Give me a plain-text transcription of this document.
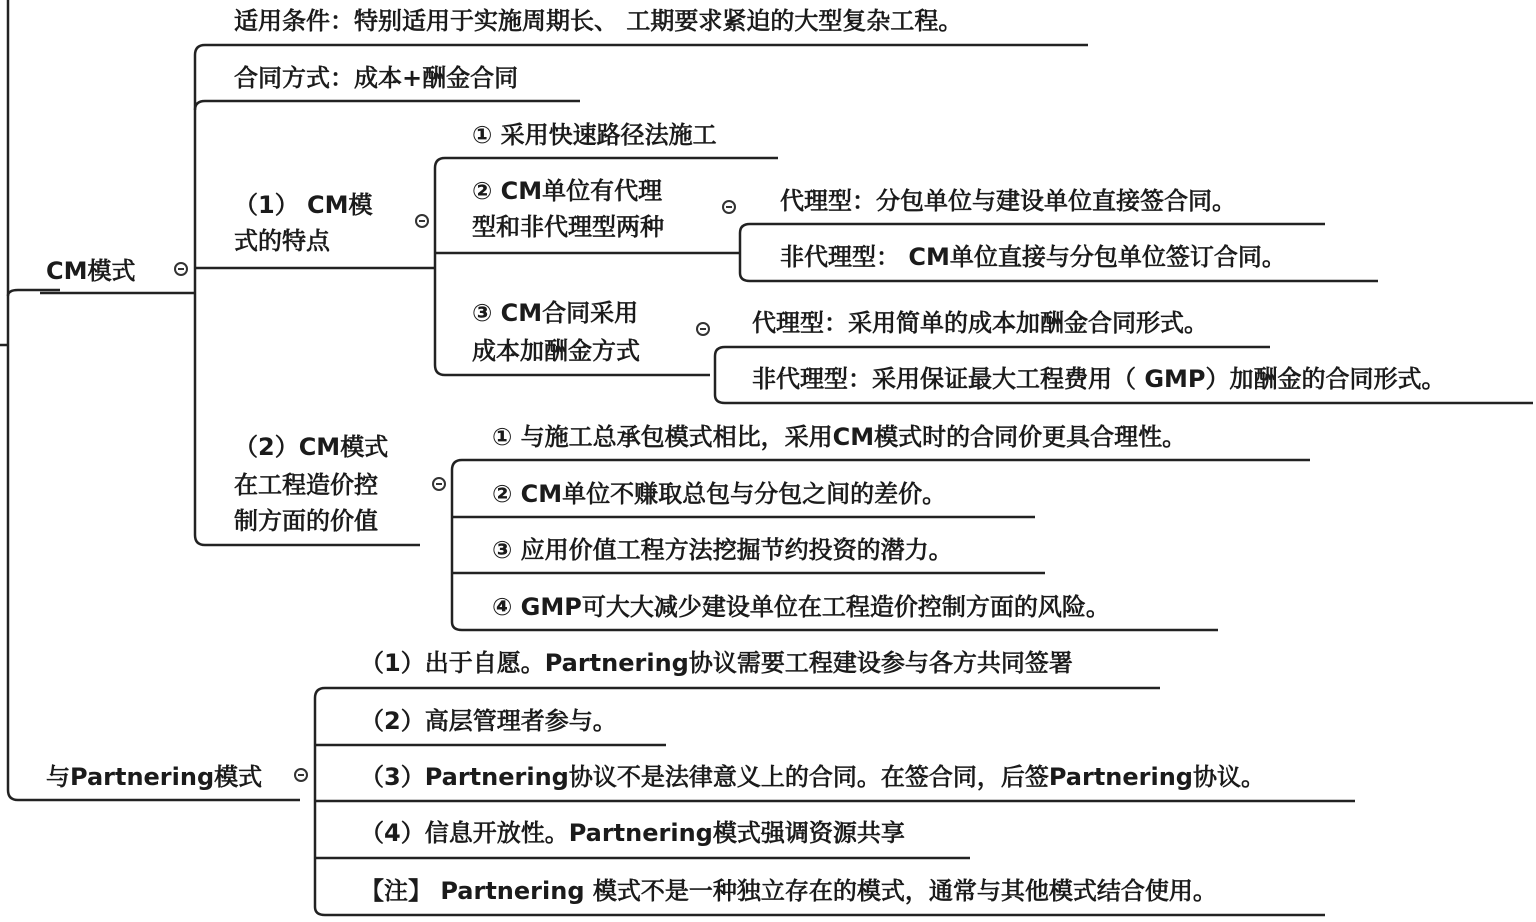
CM模式
适用条件：特别适用于实施周期长、 工期要求紧迫的大型复杂工程。
合同方式：成本+酬金合同
（1） CM模
式的特点
① 采用快速路径法施工
② CM单位有代理
型和非代理型两种
代理型：分包单位与建设单位直接签合同。
非代理型： CM单位直接与分包单位签订合同。
③ CM合同采用
成本加酬金方式
代理型：采用简单的成本加酬金合同形式。
非代理型：采用保证最大工程费用（ GMP）加酬金的合同形式。
（2）CM模式
在工程造价控
制方面的价值
① 与施工总承包模式相比，采用CM模式时的合同价更具合理性。
② CM单位不赚取总包与分包之间的差价。
③ 应用价值工程方法挖掘节约投资的潜力。
④ GMP可大大减少建设单位在工程造价控制方面的风险。
与Partnering模式
（1）出于自愿。Partnering协议需要工程建设参与各方共同签署
（2）高层管理者参与。
（3）Partnering协议不是法律意义上的合同。在签合同，后签Partnering协议。
（4）信息开放性。Partnering模式强调资源共享
【注】 Partnering 模式不是一种独立存在的模式，通常与其他模式结合使用。
